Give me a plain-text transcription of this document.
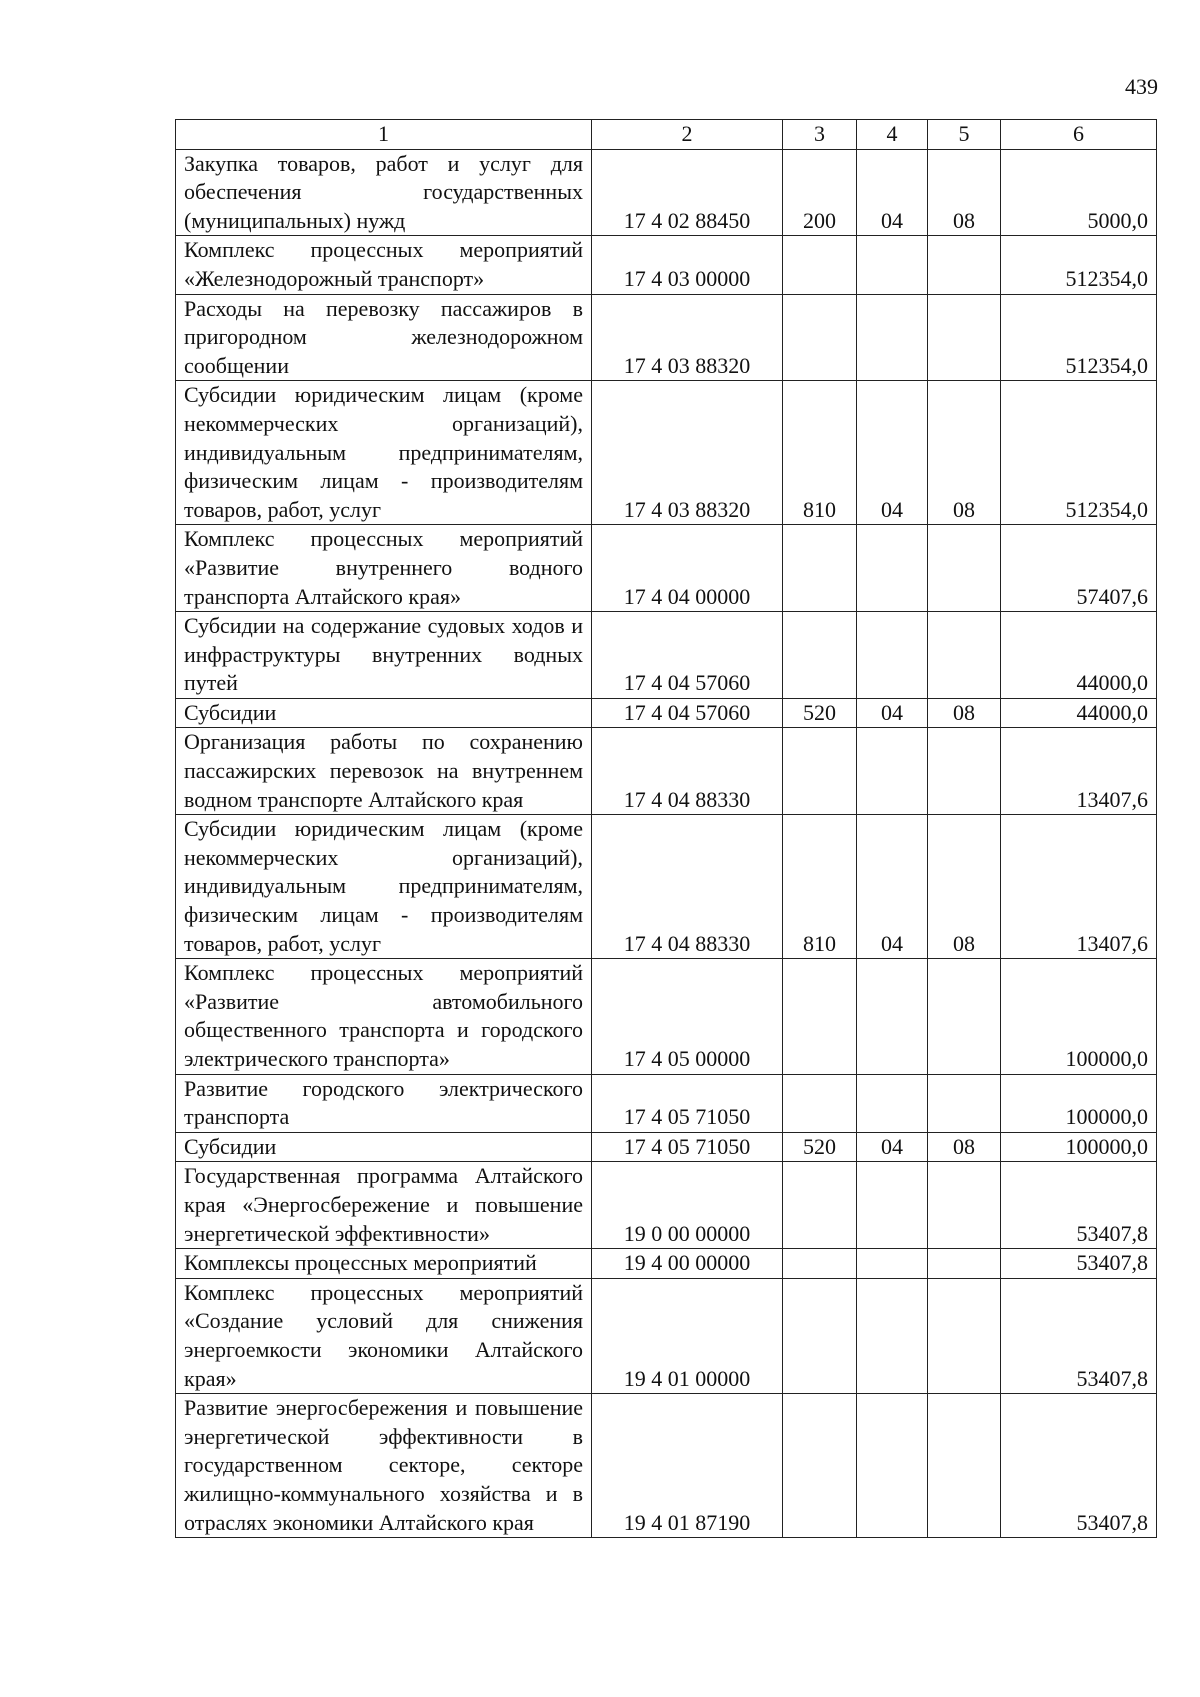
439
1	2	3	4	5	6
Закупка товаров, работ и услуг для обеспечения государственных (муниципальных) нужд	17 4 02 88450	200	04	08	5000,0
Комплекс процессных мероприятий «Железнодорожный транспорт»	17 4 03 00000				512354,0
Расходы на перевозку пассажиров в пригородном железнодорожном сообщении	17 4 03 88320				512354,0
Субсидии юридическим лицам (кроме некоммерческих организаций), индивидуальным предпринимателям, физическим лицам - производителям товаров, работ, услуг	17 4 03 88320	810	04	08	512354,0
Комплекс процессных мероприятий «Развитие внутреннего водного транспорта Алтайского края»	17 4 04 00000				57407,6
Субсидии на содержание судовых ходов и инфраструктуры внутренних водных путей	17 4 04 57060				44000,0
Субсидии	17 4 04 57060	520	04	08	44000,0
Организация работы по сохранению пассажирских перевозок на внутреннем водном транспорте Алтайского края	17 4 04 88330				13407,6
Субсидии юридическим лицам (кроме некоммерческих организаций), индивидуальным предпринимателям, физическим лицам - производителям товаров, работ, услуг	17 4 04 88330	810	04	08	13407,6
Комплекс процессных мероприятий «Развитие автомобильного общественного транспорта и городского электрического транспорта»	17 4 05 00000				100000,0
Развитие городского электрического транспорта	17 4 05 71050				100000,0
Субсидии	17 4 05 71050	520	04	08	100000,0
Государственная программа Алтайского края «Энергосбережение и повышение энергетической эффективности»	19 0 00 00000				53407,8
Комплексы процессных мероприятий	19 4 00 00000				53407,8
Комплекс процессных мероприятий «Создание условий для снижения энергоемкости экономики Алтайского края»	19 4 01 00000				53407,8
Развитие энергосбережения и повышение энергетической эффективности в государственном секторе, секторе жилищно-коммунального хозяйства и в отраслях экономики Алтайского края	19 4 01 87190				53407,8
